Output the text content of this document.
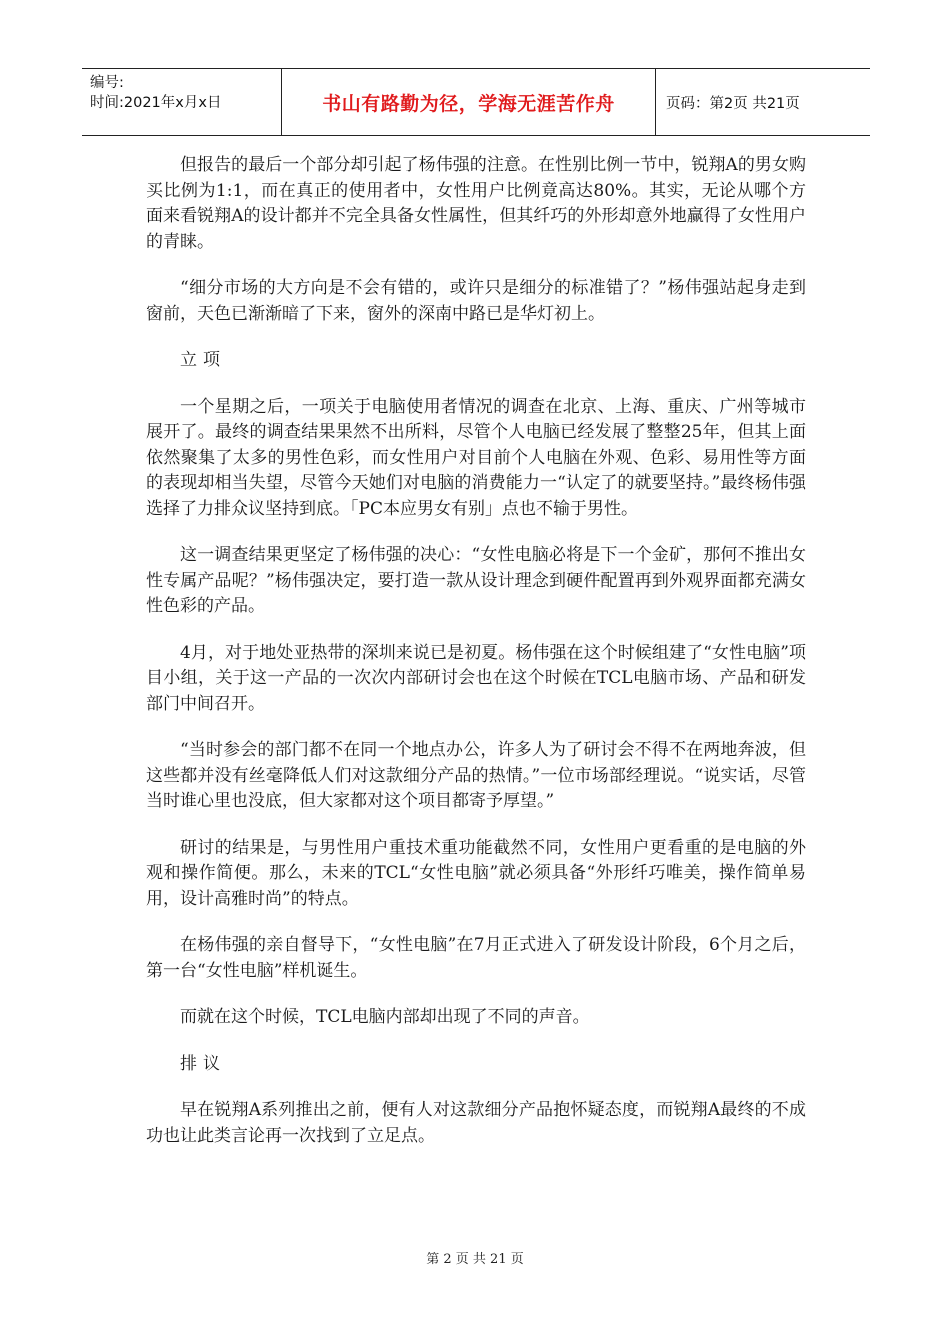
编号:
时间:2021年x月x日	书山有路勤为径，学海无涯苦作舟	页码：第2页 共21页

但报告的最后一个部分却引起了杨伟强的注意。在性别比例一节中，锐翔A的男女购买比例为1:1，而在真正的使用者中，女性用户比例竟高达80%。其实，无论从哪个方面来看锐翔A的设计都并不完全具备女性属性，但其纤巧的外形却意外地赢得了女性用户的青睐。

“细分市场的大方向是不会有错的，或许只是细分的标准错了？”杨伟强站起身走到窗前，天色已渐渐暗了下来，窗外的深南中路已是华灯初上。

立项

一个星期之后，一项关于电脑使用者情况的调查在北京、上海、重庆、广州等城市展开了。最终的调查结果果然不出所料，尽管个人电脑已经发展了整整25年，但其上面依然聚集了太多的男性色彩，而女性用户对目前个人电脑在外观、色彩、易用性等方面的表现却相当失望，尽管今天她们对电脑的消费能力一“认定了的就要坚持。”最终杨伟强选择了力排众议坚持到底。「PC本应男女有别」点也不输于男性。

这一调查结果更坚定了杨伟强的决心：“女性电脑必将是下一个金矿，那何不推出女性专属产品呢？”杨伟强决定，要打造一款从设计理念到硬件配置再到外观界面都充满女性色彩的产品。

4月，对于地处亚热带的深圳来说已是初夏。杨伟强在这个时候组建了“女性电脑”项目小组，关于这一产品的一次次内部研讨会也在这个时候在TCL电脑市场、产品和研发部门中间召开。

“当时参会的部门都不在同一个地点办公，许多人为了研讨会不得不在两地奔波，但这些都并没有丝毫降低人们对这款细分产品的热情。”一位市场部经理说。“说实话，尽管当时谁心里也没底，但大家都对这个项目都寄予厚望。”

研讨的结果是，与男性用户重技术重功能截然不同，女性用户更看重的是电脑的外观和操作简便。那么，未来的TCL“女性电脑”就必须具备“外形纤巧唯美，操作简单易用，设计高雅时尚”的特点。

在杨伟强的亲自督导下，“女性电脑”在7月正式进入了研发设计阶段，6个月之后，第一台“女性电脑”样机诞生。

而就在这个时候，TCL电脑内部却出现了不同的声音。

排议

早在锐翔A系列推出之前，便有人对这款细分产品抱怀疑态度，而锐翔A最终的不成功也让此类言论再一次找到了立足点。

第 2 页 共 21 页
